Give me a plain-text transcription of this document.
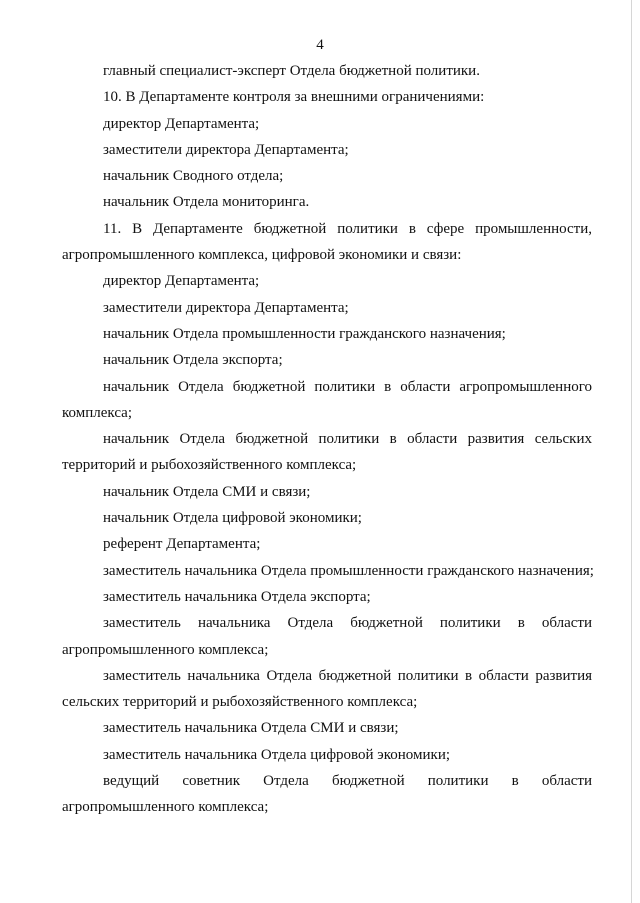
4

главный специалист-эксперт Отдела бюджетной политики.

10. В Департаменте контроля за внешними ограничениями:

директор Департамента;

заместители директора Департамента;

начальник Сводного отдела;

начальник Отдела мониторинга.

11. В Департаменте бюджетной политики в сфере промышленности, агропромышленного комплекса, цифровой экономики и связи:

директор Департамента;

заместители директора Департамента;

начальник Отдела промышленности гражданского назначения;

начальник Отдела экспорта;

начальник Отдела бюджетной политики в области агропромышленного комплекса;

начальник Отдела бюджетной политики в области развития сельских территорий и рыбохозяйственного комплекса;

начальник Отдела СМИ и связи;

начальник Отдела цифровой экономики;

референт Департамента;

заместитель начальника Отдела промышленности гражданского назначения;

заместитель начальника Отдела экспорта;

заместитель начальника Отдела бюджетной политики в области агропромышленного комплекса;

заместитель начальника Отдела бюджетной политики в области развития сельских территорий и рыбохозяйственного комплекса;

заместитель начальника Отдела СМИ и связи;

заместитель начальника Отдела цифровой экономики;

ведущий советник Отдела бюджетной политики в области агропромышленного комплекса;
